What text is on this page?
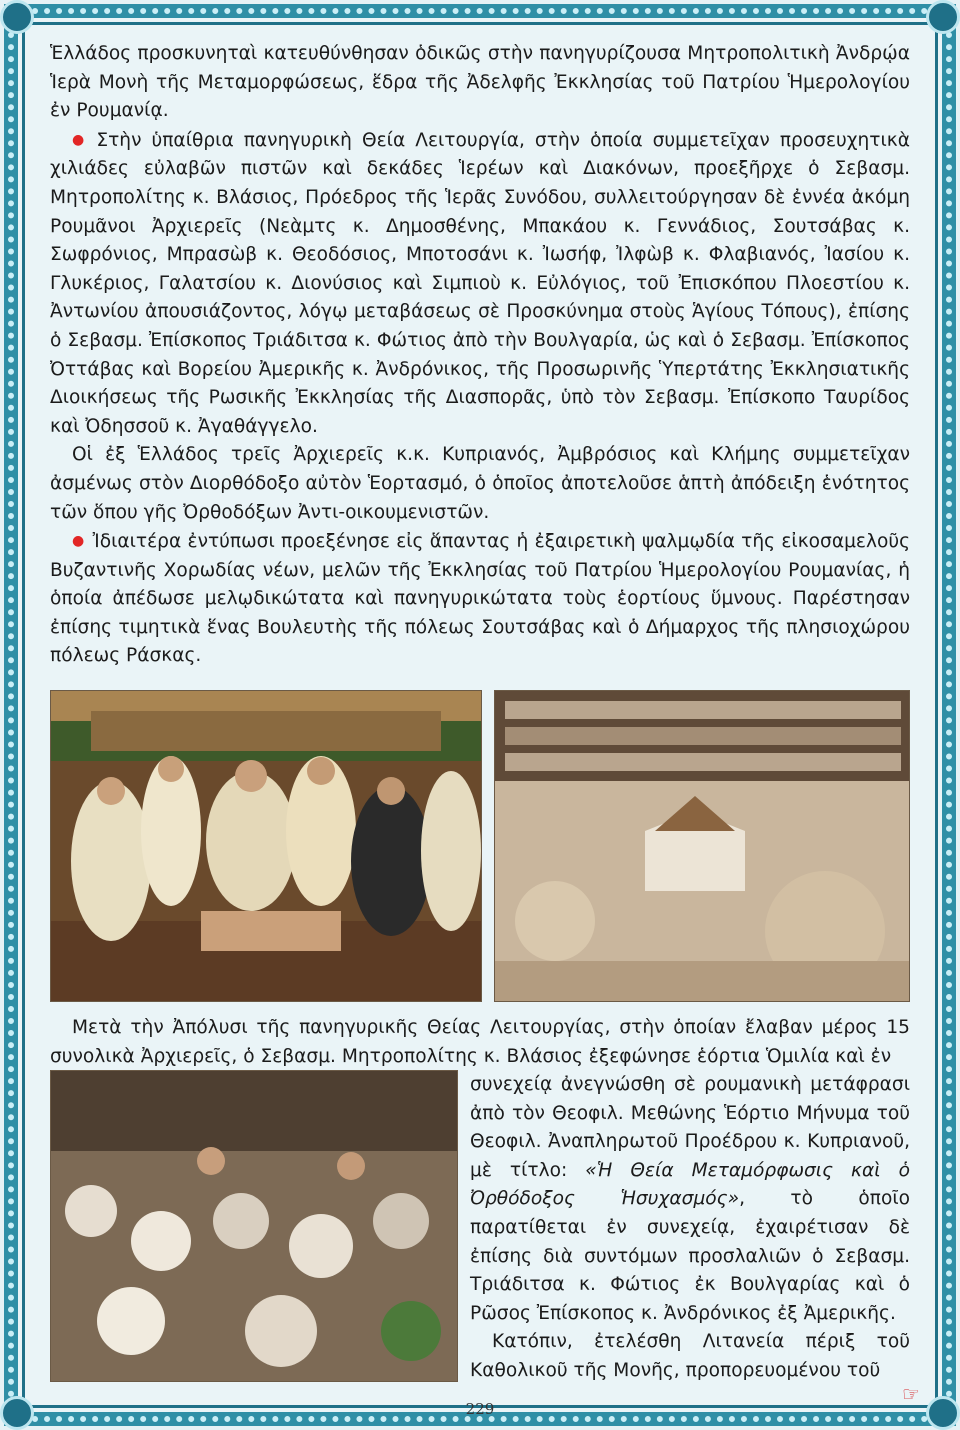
Ἑλλάδος προσκυνηταὶ κατευθύνθησαν ὁδικῶς στὴν πανηγυρίζουσα Μητροπολιτικὴ Ἀνδρῴα Ἱερὰ Μονὴ τῆς Μεταμορφώσεως, ἕδρα τῆς Ἀδελφῆς Ἐκκλησίας τοῦ Πατρίου Ἡμερολογίου ἐν Ρουμανίᾳ.

● Στὴν ὑπαίθρια πανηγυρικὴ Θεία Λειτουργία, στὴν ὁποία συμμετεῖχαν προσευχητικὰ χιλιάδες εὐλαβῶν πιστῶν καὶ δεκάδες Ἱερέων καὶ Διακόνων, προεξῆρχε ὁ Σεβασμ. Μητροπολίτης κ. Βλάσιος, Πρόεδρος τῆς Ἱερᾶς Συνόδου, συλλειτούργησαν δὲ ἐννέα ἀκόμη Ρουμᾶνοι Ἀρχιερεῖς (Νεὰμτς κ. Δημοσθένης, Μπακάου κ. Γεννάδιος, Σουτσάβας κ. Σωφρόνιος, Μπρασὼβ κ. Θεοδόσιος, Μποτοσάνι κ. Ἰωσήφ, Ἰλφὼβ κ. Φλαβιανός, Ἰασίου κ. Γλυκέριος, Γαλατσίου κ. Διονύσιος καὶ Σιμπιοὺ κ. Εὐλόγιος, τοῦ Ἐπισκόπου Πλοεστίου κ. Ἀντωνίου ἀπουσιάζοντος, λόγῳ μεταβάσεως σὲ Προσκύνημα στοὺς Ἁγίους Τόπους), ἐπίσης ὁ Σεβασμ. Ἐπίσκοπος Τριάδιτσα κ. Φώτιος ἀπὸ τὴν Βουλγαρία, ὡς καὶ ὁ Σεβασμ. Ἐπίσκοπος Ὀττάβας καὶ Βορείου Ἀμερικῆς κ. Ἀνδρόνικος, τῆς Προσωρινῆς Ὑπερτάτης Ἐκκλησιατικῆς Διοικήσεως τῆς Ρωσικῆς Ἐκκλησίας τῆς Διασπορᾶς, ὑπὸ τὸν Σεβασμ. Ἐπίσκοπο Ταυρίδος καὶ Ὀδησσοῦ κ. Ἀγαθάγγελο.

Οἱ ἐξ Ἑλλάδος τρεῖς Ἀρχιερεῖς κ.κ. Κυπριανός, Ἀμβρόσιος καὶ Κλήμης συμμετεῖχαν ἀσμένως στὸν Διορθόδοξο αὐτὸν Ἑορτασμό, ὁ ὁποῖος ἀποτελοῦσε ἁπτὴ ἀπόδειξη ἑνότητος τῶν ὅπου γῆς Ὀρθοδόξων Ἀντι-οικουμενιστῶν.

● Ἰδιαιτέρα ἐντύπωσι προεξένησε εἰς ἅπαντας ἡ ἐξαιρετικὴ ψαλμῳδία τῆς εἰκοσαμελοῦς Βυζαντινῆς Χορωδίας νέων, μελῶν τῆς Ἐκκλησίας τοῦ Πατρίου Ἡμερολογίου Ρουμανίας, ἡ ὁποία ἀπέδωσε μελῳδικώτατα καὶ πανηγυρικώτατα τοὺς ἑορτίους ὕμνους. Παρέστησαν ἐπίσης τιμητικὰ ἕνας Βουλευτὴς τῆς πόλεως Σουτσάβας καὶ ὁ Δήμαρχος τῆς πλησιοχώρου πόλεως Ράσκας.

Μετὰ τὴν Ἀπόλυσι τῆς πανηγυρικῆς Θείας Λειτουργίας, στὴν ὁποίαν ἔλαβαν μέρος 15 συνολικὰ Ἀρχιερεῖς, ὁ Σεβασμ. Μητροπολίτης κ. Βλάσιος ἐξεφώνησε ἑόρτια Ὁμιλία καὶ ἐν

συνεχείᾳ ἀνεγνώσθη σὲ ρουμανικὴ μετάφρασι ἀπὸ τὸν Θεοφιλ. Μεθώνης Ἑόρτιο Μήνυμα τοῦ Θεοφιλ. Ἀναπληρωτοῦ Προέδρου κ. Κυπριανοῦ, μὲ τίτλο: «Ἡ Θεία Μεταμόρφωσις καὶ ὁ Ὀρθόδοξος Ἡσυχασμός», τὸ ὁποῖο παρατίθεται ἐν συνεχείᾳ, ἐχαιρέτισαν δὲ ἐπίσης διὰ συντόμων προσλαλιῶν ὁ Σεβασμ. Τριάδιτσα κ. Φώτιος ἐκ Βουλγαρίας καὶ ὁ Ρῶσος Ἐπίσκοπος κ. Ἀνδρόνικος ἐξ Ἀμερικῆς.

Κατόπιν, ἐτελέσθη Λιτανεία πέριξ τοῦ Καθολικοῦ τῆς Μονῆς, προπορευομένου τοῦ

229
☞
